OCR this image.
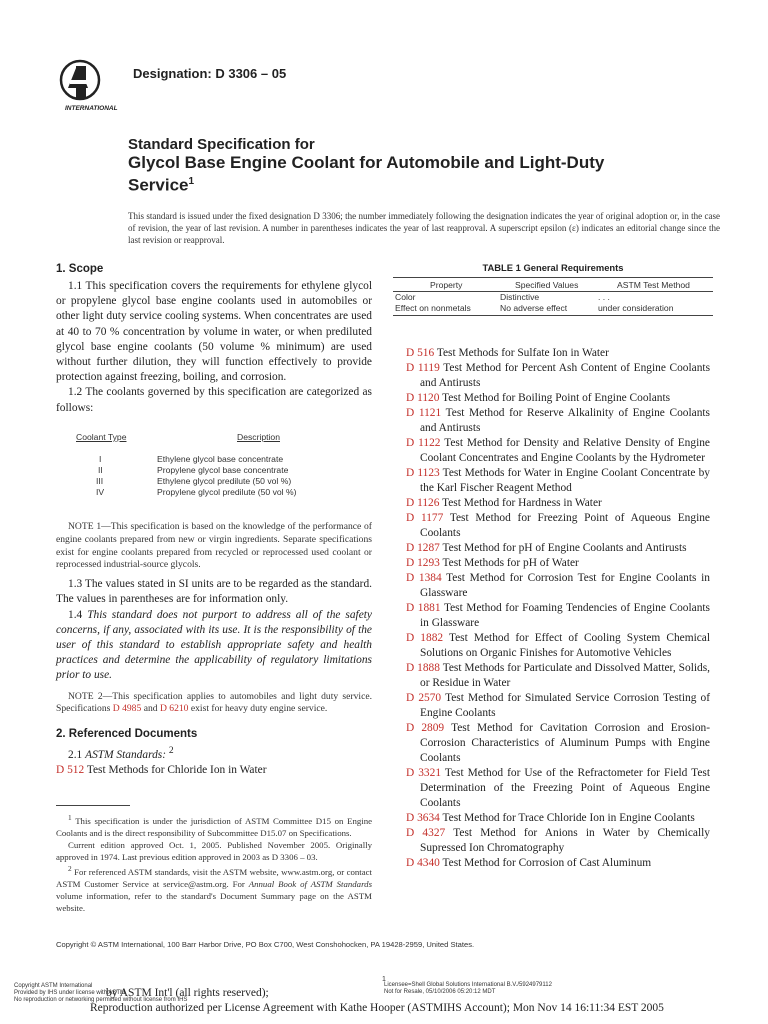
INTERNATIONAL
Designation: D 3306 – 05
Standard Specification for
Glycol Base Engine Coolant for Automobile and Light-Duty
Service$^1$
This standard is issued under the fixed designation D 3306; the number immediately following the designation indicates the year of original adoption or, in the case of revision, the year of last revision. A number in parentheses indicates the year of last reapproval. A superscript epsilon (ε) indicates an editorial change since the last revision or reapproval.
1. Scope
1.1 This specification covers the requirements for ethylene glycol or propylene glycol base engine coolants used in automobiles or other light duty service cooling systems. When concentrates are used at 40 to 70 % concentration by volume in water, or when prediluted glycol base engine coolants (50 volume % minimum) are used without further dilution, they will function effectively to provide protection against freezing, boiling, and corrosion.
1.2 The coolants governed by this specification are categorized as follows:
Coolant Type	Description
I	Ethylene glycol base concentrate
II	Propylene glycol base concentrate
III	Ethylene glycol predilute (50 vol %)
IV	Propylene glycol predilute (50 vol %)
NOTE 1—This specification is based on the knowledge of the performance of engine coolants prepared from new or virgin ingredients. Separate specifications exist for engine coolants prepared from recycled or reprocessed used coolant or reprocessed industrial-source glycols.
1.3 The values stated in SI units are to be regarded as the standard. The values in parentheses are for information only.
1.4 This standard does not purport to address all of the safety concerns, if any, associated with its use. It is the responsibility of the user of this standard to establish appropriate safety and health practices and determine the applicability of regulatory limitations prior to use.
NOTE 2—This specification applies to automobiles and light duty service. Specifications D 4985 and D 6210 exist for heavy duty engine service.
2. Referenced Documents
2.1 ASTM Standards: $^2$
D 512 Test Methods for Chloride Ion in Water
$^1$ This specification is under the jurisdiction of ASTM Committee D15 on Engine Coolants and is the direct responsibility of Subcommittee D15.07 on Specifications.
Current edition approved Oct. 1, 2005. Published November 2005. Originally approved in 1974. Last previous edition approved in 2003 as D 3306 – 03.
$^2$ For referenced ASTM standards, visit the ASTM website, www.astm.org, or contact ASTM Customer Service at service@astm.org. For Annual Book of ASTM Standards volume information, refer to the standard's Document Summary page on the ASTM website.
TABLE 1 General Requirements
Property	Specified Values	ASTM Test Method
Color	Distinctive	. . .
Effect on nonmetals	No adverse effect	under consideration
D 516 Test Methods for Sulfate Ion in Water
D 1119 Test Method for Percent Ash Content of Engine Coolants and Antirusts
D 1120 Test Method for Boiling Point of Engine Coolants
D 1121 Test Method for Reserve Alkalinity of Engine Coolants and Antirusts
D 1122 Test Method for Density and Relative Density of Engine Coolant Concentrates and Engine Coolants by the Hydrometer
D 1123 Test Methods for Water in Engine Coolant Concentrate by the Karl Fischer Reagent Method
D 1126 Test Method for Hardness in Water
D 1177 Test Method for Freezing Point of Aqueous Engine Coolants
D 1287 Test Method for pH of Engine Coolants and Antirusts
D 1293 Test Methods for pH of Water
D 1384 Test Method for Corrosion Test for Engine Coolants in Glassware
D 1881 Test Method for Foaming Tendencies of Engine Coolants in Glassware
D 1882 Test Method for Effect of Cooling System Chemical Solutions on Organic Finishes for Automotive Vehicles
D 1888 Test Methods for Particulate and Dissolved Matter, Solids, or Residue in Water
D 2570 Test Method for Simulated Service Corrosion Testing of Engine Coolants
D 2809 Test Method for Cavitation Corrosion and Erosion-Corrosion Characteristics of Aluminum Pumps with Engine Coolants
D 3321 Test Method for Use of the Refractometer for Field Test Determination of the Freezing Point of Aqueous Engine Coolants
D 3634 Test Method for Trace Chloride Ion in Engine Coolants
D 4327 Test Method for Anions in Water by Chemically Supressed Ion Chromatography
D 4340 Test Method for Corrosion of Cast Aluminum
Copyright © ASTM International, 100 Barr Harbor Drive, PO Box C700, West Conshohocken, PA 19428-2959, United States.
1
Copyright ASTM International
Provided by IHS under license with ASTM
No reproduction or networking permitted without license from IHS
Licensee=Shell Global Solutions International B.V./5924979112
Not for Resale, 05/10/2006 05:20:12 MDT
by ASTM Int'l (all rights reserved);
Reproduction authorized per License Agreement with Kathe Hooper (ASTMIHS Account); Mon Nov 14 16:11:34 EST 2005
